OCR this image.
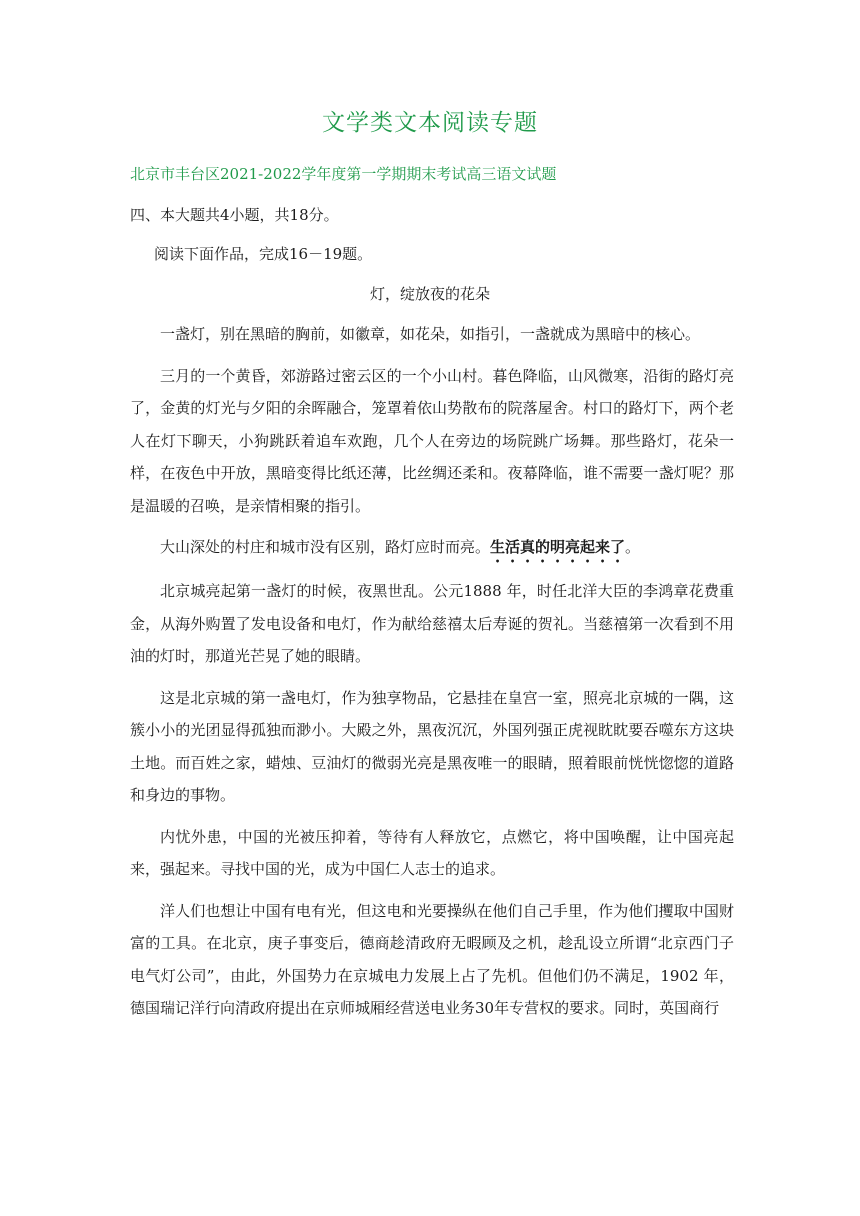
文学类文本阅读专题
北京市丰台区2021-2022学年度第一学期期末考试高三语文试题
四、本大题共4小题，共18分。
阅读下面作品，完成16－19题。
灯，绽放夜的花朵

一盏灯，别在黑暗的胸前，如徽章，如花朵，如指引，一盏就成为黑暗中的核心。

三月的一个黄昏，郊游路过密云区的一个小山村。暮色降临，山风微寒，沿街的路灯亮了，金黄的灯光与夕阳的余晖融合，笼罩着依山势散布的院落屋舍。村口的路灯下，两个老人在灯下聊天，小狗跳跃着追车欢跑，几个人在旁边的场院跳广场舞。那些路灯，花朵一样，在夜色中开放，黑暗变得比纸还薄，比丝绸还柔和。夜幕降临，谁不需要一盏灯呢？那是温暖的召唤，是亲情相聚的指引。

大山深处的村庄和城市没有区别，路灯应时而亮。生活真的明亮起来了。

北京城亮起第一盏灯的时候，夜黑世乱。公元1888 年，时任北洋大臣的李鸿章花费重金，从海外购置了发电设备和电灯，作为献给慈禧太后寿诞的贺礼。当慈禧第一次看到不用油的灯时，那道光芒晃了她的眼睛。

这是北京城的第一盏电灯，作为独享物品，它悬挂在皇宫一室，照亮北京城的一隅，这簇小小的光团显得孤独而渺小。大殿之外，黑夜沉沉，外国列强正虎视眈眈要吞噬东方这块土地。而百姓之家，蜡烛、豆油灯的微弱光亮是黑夜唯一的眼睛，照着眼前恍恍惚惚的道路和身边的事物。

内忧外患，中国的光被压抑着，等待有人释放它，点燃它，将中国唤醒，让中国亮起来，强起来。寻找中国的光，成为中国仁人志士的追求。

洋人们也想让中国有电有光，但这电和光要操纵在他们自己手里，作为他们攫取中国财富的工具。在北京，庚子事变后，德商趁清政府无暇顾及之机，趁乱设立所谓“北京西门子电气灯公司”，由此，外国势力在京城电力发展上占了先机。但他们仍不满足，1902 年，德国瑞记洋行向清政府提出在京师城厢经营送电业务30年专营权的要求。同时，英国商行
